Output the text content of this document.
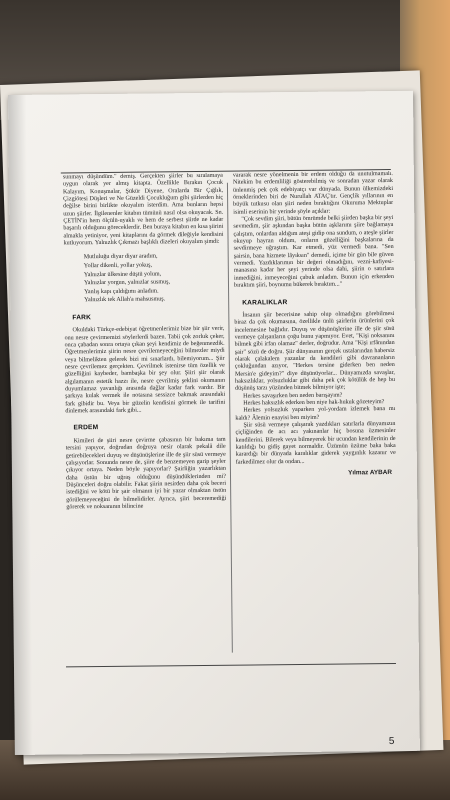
sunmayı düşündüm." demiş. Gerçekten şiirler bu sıralamaya uygun olarak yer almış kitapta. Özellikle Bırakın Çocuk Kalayım, Konuşmalar, Şükür Diyene, Oralarda Bir Çığlık, Çizgiötesi Düşleri ve Ne Güzeldi Çocukluğum gibi şiirlerden hiç değilse birini birlikte okuyalım isterdim. Ama bunların hepsi uzun şiirler. İlgilenenler kitabın tümünü nasıl olsa okuyacak. Sn. ÇETİN'in hem ölçülü-uyaklı ve hem de serbest şiirde ne kadar başarılı olduğunu göreceklerdir. Ben buraya kitabın en kısa şiirini almakla yetiniyor, yeni kitaplarını da görmek dileğiyle kendisini kutluyorum. Yalnızlık Çıkmazı başlıklı dizeleri okuyalım şimdi:

Mutluluğu diyar diyar aradım,
Yollar dikenli, yollar yokuş,
Yalnızlar ülkesine düştü yolum,
Yalnızlar yorgun, yalnızlar susmuş,
Yanlış kapı çaldığımı anladım.
Yalnızlık tek Allah'a mahsusmuş.
FARK

Okuldaki Türkçe-edebiyat öğretmenlerimiz bize bir şiir verir, onu nesre çevirmemizi söylerlerdi bazen. Tabii çok zorluk çeker, onca çabadan sonra ortaya çıkan şeyi kendimiz de beğenmezdik. Öğretmenlerimiz şiirin nesre çevrilemeyeceğini bilmezler miydi veya bilmelikten gelerek bizi mi sınarlardı, bilemiyorum... Şiir nesre çevrilemez gerçekten. Çevrilmek istenirse tüm özellik ve güzelliğini kaybeder, bambaşka bir şey olur. Şiiri şiir olarak algılamanın estetik hazzı ile, nesre çevrilmiş şeklini okumanın duyumlamaz yavanlığı arasında dağlar kadar fark vardır. Bir şarkıya kulak vermek ile notasına sessizce bakmak arasındaki fark gibidir bu. Veya bir güzelin kendisini görmek ile tarifini dinlemek arasındaki fark gibi...

ERDEM

Kimileri de şiiri nesre çevirme çabasının bir bakıma tam tersini yapıyor, doğrudan doğruya nesir olarak pekalâ dile getirebilecekleri duyuş ve düşünüşlerine ille de şiir süsü vermeye çalışıyorlar. Sonunda nesre de, şiire de benzemeyen garip şeyler çıkıyor ortaya. Neden böyle yapıyorlar? Şairliğin yazarlıktan daha üstün bir uğraş olduğunu düşündüklerinden mi? Düşünceleri doğru olabilir. Fakat şiirin nesirden daha çok beceri istediğini ve kötü bir şair olmanın iyi bir yazar olmaktan üstün görülemeyeceğini de bilmelidirler. Ayrıca, şiiri beceremediği görerek ve noksanının bilincine

vararak nesre yönelmenin bir erdem olduğu da unutulmamalı. Nitekim bu erdemliliği gösterebilmiş ve sonradan yazar olarak ünlenmiş pek çok edebiyatçı var dünyada. Bunun ülkemizdeki örneklerinden biri de Nurullah ATAÇ'tır. Gençlik yıllarının en büyük tutkusu olan şiiri neden bıraktığını Okuruma Mektuplar isimli eserinin bir yerinde şöyle açıklar:

"Çok sevdim şiiri, bütün ömrümde belki şiirden başka bir şeyi sevmedim, şiir aşkından başka bütün aşklarımı şiire bağlamaya çalıştım, onlardan aldığım ateşi gidip ona sundum, o ateşle şiirler okuyup hayran oldum, onların güzelliğini başkalarına da sevdirmeye uğraştım. Kar etmedi, yüz vermedi bana. "Sen şairsin, bana hizmete lâyıksın" demedi, içime bir gün bile güven vermedi. Yazdıklarımın bir değeri olmadığını, vezni-kafiyesi-manasına kadar her şeyi yerinde olsa dahi, şiirin o satırlara inmediğini, inmeyeceğini çabuk anladım. Bunun için erkenden bıraktım şiiri, boynumu bükerek bıraktım..."

KARALIKLAR

İnsanın şiir becerisine sahip olup olmadığını görebilmesi biraz da çok okumasına, özellikle ünlü şairlerin ürünlerini çok incelemesine bağlıdır. Duyuş ve düşünüşlerine ille de şiir süsü vermeye çalışanların çoğu bunu yapmıyor. Evet, "Kişi noksanını bilmek gibi irfan olamaz" derler, doğrudur. Ama "Kişi ırfânından şair" sözü de doğru. Şiir dünyasının gerçek ustalarından habersiz olarak çalakalem yazanlar da kendileri gibi davrananların çokluğundan azıyor, "Herkes tersine giderken ben neden Mersin'e gideyim?" diye düşünüyorlar... Dünyamızda savaşlar, haksızlıklar, yolsuzluklar gibi daha pek çok kötülük de hep bu düşünüş tarzı yüzünden bitmek bilmiyor işte;

Herkes savaşırken ben neden barışayım?

Herkes haksızlık ederken ben niye hak-hukuk gözeteyim?

Herkes yolsuzluk yaparken yol-yordam izlemek bana mı kaldı? Âlemin enayisi ben miyim?

Şiir süsü vermeye çalışarak yazdıkları satırlarla dünyamızın çiçliğinden de acı acı yakınanlar hiç bosuna üzmesinler kendilerini. Bilerek veya bilmeyerek bir ucundan kendilerinin de katıldığı bu gidiş gayet normaldir. Üzümün üzüme baka baka karardığı bir dünyada karalıklar giderek yaygınlık kazanır ve farkedilmez olur da ondan...

Yılmaz AYBAR
5
